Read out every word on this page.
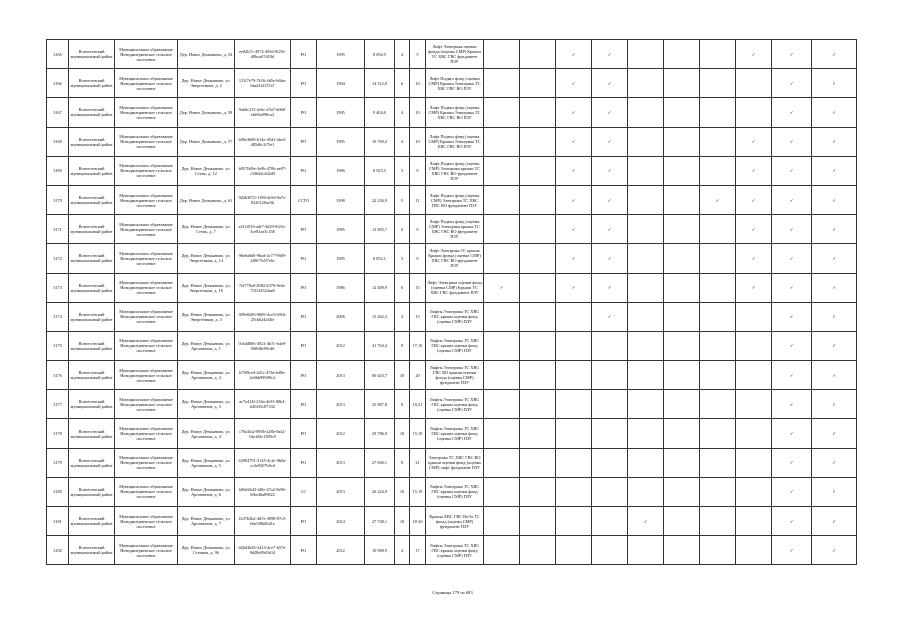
3165	Вознесенский муниципальный район	Муниципальное образование Новодмитриевское сельское поселение	Дер. Новое Демьяново, д. 54	ee82b7c-4974-495d-0f25f-d8bca07d18d	РО	1995	8 092,9	4	5	Лифт Электрика оценки фонда (оценка СМР) Крыши ТС ХВС ГВС фундамент ПЗУ			✓	✓				✓	✓	✓
3166	Вознесенский муниципальный район	Муниципальное образование Новодмитриевское сельское поселение	Дер. Новое Демьяново, ул. Энергетиков, д. 2	121f7e79-7b16-4d5e-b6ba-0aad1f2157a7	РО	1994	14 512,0	6	10	Лифт Подвал фонд (оценки СМР) Крыши Электрика ТС ХВС ГВС ВО ПЗУ			✓	✓					✓	✓
3167	Вознесенский муниципальный район	Муниципальное образование Новодмитриевское сельское поселение	Дер. Новое Демьяново, д. 58	9ab6c215-2e6c-45a7-b068-ebff6a098ca2	РО	1995	9 404,0	4	10	Лифт Подвал фонд (оценка СМР) Крыши Электрика ТС ХВС ГВС ВО ПЗУ			✓	✓					✓	✓
3168	Вознесенский муниципальный район	Муниципальное образование Новодмитриевское сельское поселение	Дер. Новое Демьяново, д. 57	b96e3b86-b14e-45d1-abe2-485d6c2f7fe1	РО	1995	10 769,2	4	10	Лифт Подвал фонд (оценка СМР) Крыши Электрика ТС ХВС ГВС ВО ПЗУ			✓	✓				✓	✓	✓
3169	Вознесенский муниципальный район	Муниципальное образование Новодмитриевское сельское поселение	Дер. Новое Демьяново, ул. Степь, д. 12	b0570d9e-3e9b-470b-ae07-c336d2c4d2d5	РО	1986	6 925,5	3	9	Лифт Подвал фонд (оценка СМР) Электрика крыши ТС ХВС ГВС ВО фундамент ПЗУ			✓	✓				✓	✓	✓
3170	Вознесенский муниципальный район	Муниципальное образование Новодмитриевское сельское поселение	Дер. Новое Демьяново, д. 61	9d2b3072-1390-4e9d-9a7e-9220120ae5b	ССТО	1998	22 236,9	5	11	Лифт Подвал фонд (оценка СМР) Электрика ТС ХВС ГВС ВО фундамент ПЗУ			✓	✓			✓	✓	✓	✓
3171	Вознесенский муниципальный район	Муниципальное образование Новодмитриевское сельское поселение	Дер. Новое Демьяново, ул. Степь, д. 7	e211f016-adf7-4d29-9f23c-3ce81ae3c158	РО	1985	12 895,7	6	9	Лифт Подвал фонд (оценка СМР) Электрика крыша ТС ХВС ГВС ВО фундамент ПЗУ			✓	✓				✓	✓	✓
3172	Вознесенский муниципальный район	Муниципальное образование Новодмитриевское сельское поселение	Дер. Новое Демьяново, ул. Энергетиков, д. 14	96eba8d0-96ad-4c77-9669-2f0675c87e6c	РО	1985	6 052,1	3	9	Лифт Электрика ТС крыша Крыши фонда (оценка СМР) ХВС ГВС ВО фундамент ПЗУ			✓	✓				✓	✓	✓
3173	Вознесенский муниципальный район	Муниципальное образование Новодмитриевское сельское поселение	Дер. Новое Демьяново, ул. Энергетиков, д. 16	7ef778a0-4982-4376-9e4e-7f314452dae6	РО	1986	12 409,9	6	15	Лифт Электрика оценки фонд (оценка СМР) Крыши ТС ХВС ГВС фундамент ПЗУ	✓		✓	✓				✓	✓	✓
3174	Вознесенский муниципальный район	Муниципальное образование Новодмитриевское сельское поселение	Дер. Новое Демьяново, ул. Энергетиков, д. 3	389e8206-9809-4ce3-b91b-25cb624f43fe	РО	2006	13 262,3	4	15	Лифты Электрика ТС ХВС ГВС крыша оценки фонд (оценка СМР) ПЗУ				✓					✓	✓
3175	Вознесенский муниципальный район	Муниципальное образование Новодмитриевское сельское поселение	Дер. Новое Демьяново, ул. Аргонавтов, д. 1	0cb4d80b-3821-4b7c-b4e9-90f6f0e99cd6	РО	2012	41 764,4	9	17,19	Лифты Электрика ТС ХВС ГВС крыша оценки фонд (оценка СМР) ПЗУ									✓	✓
3176	Вознесенский муниципальный район	Муниципальное образование Новодмитриевское сельское поселение	Дер. Новое Демьяново, ул. Аргонавтов, д. 2	b7f69ce4-441c-47be-bd8e-2e6bb999ff9c2	РО	2013	60 443,7	10	20	Лифты Электрика ТС ХВС ГВС ВО крыши оценки фонда (оценка СМР) фундамент ПЗУ									✓	✓
3177	Вознесенский муниципальный район	Муниципальное образование Новодмитриевское сельское поселение	Дер. Новое Демьяново, ул. Аргонавтов, д. 3	ac7e414f-236a-4e53-80b4-b46f35c87332	РО	2013	25 887,8	8	10,21	Лифты Электрика ТС ХВС ГВС крыша оценки фонд (оценка СМР) ПЗУ									✓	✓
3178	Вознесенский муниципальный район	Муниципальное образование Новодмитриевское сельское поселение	Дер. Новое Демьяново, ул. Аргонавтов, д. 4	c76a3fa2-8906-428b-9a42-04efd2e1589c9	РО	2012	29 786,9	10	15,19	Лифты Электрика ТС ХВС ГВС крыша оценки фонд (оценка СМР) ПЗУ									✓	✓
3179	Вознесенский муниципальный район	Муниципальное образование Новодмитриевское сельское поселение	Дер. Новое Демьяново, ул. Аргонавтов, д. 5	b3094791-2145-4c2e-9b0a-cc3e9307b0cd	РО	2013	27 696,1	8	21	Электрика ТС ХВС ГВС ВО крыши оценки фонд (оценка СМР) лифт фундамент ПЗУ									✓	✓
3180	Вознесенский муниципальный район	Муниципальное образование Новодмитриевское сельское поселение	Дер. Новое Демьяново, ул. Аргонавтов, д. 6	b06d2b43-f40e-47a2-8e96-6fbe46a89822	СС	2013	26 224,9	10	15,19	Лифты Электрика ТС ХВС ГВС крыша оценки фонд (оценка СМР) ПЗУ									✓	✓
3181	Вознесенский муниципальный район	Муниципальное образование Новодмитриевское сельское поселение	Дер. Новое Демьяново, ул. Аргонавтов, д. 7	1b37b3b2-4d7e-4998-87c5-b6e5f8b0bd1e	РО	2014	27 748,1	10	18-20	Крыши ХВС ГВС ВоЭл ТС фасад (оценка СМР) фундамент ПЗУ					✓				✓	✓
3182	Вознесенский муниципальный район	Муниципальное образование Новодмитриевское сельское поселение	Дер. Новое Демьяново, ул. Степная, д. 96	b6bd3b45-3413-4ce7-b57e-9d28e99d3d14	РО	2012	10 988,9	4	17	Лифты Электрика ТС ХВС ГВС крыша оценки фонд (оценка СМР) ПЗУ									✓	✓
Страница 179 из 683
